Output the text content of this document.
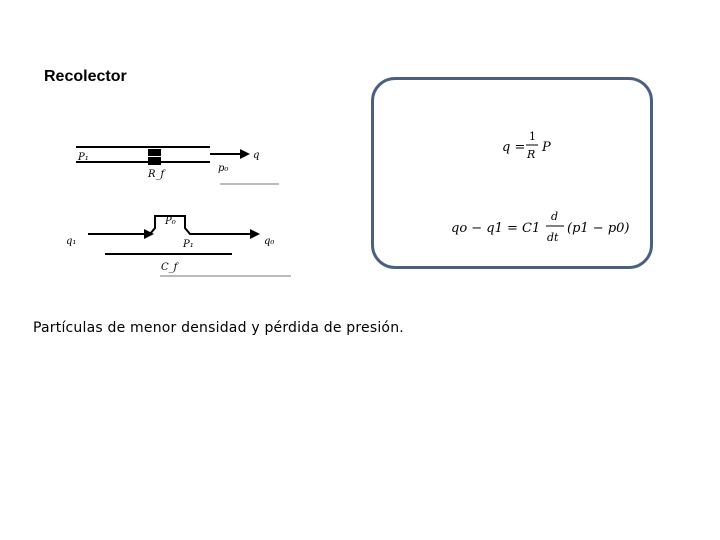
Recolector
P₁
R_f
p₀
q
q₁
P₀
P₁	q₀
C_f
q =
1
R P
qo − q1 = C1
d
dt
(p1 − p0)
Partículas de menor densidad y pérdida de presión.
